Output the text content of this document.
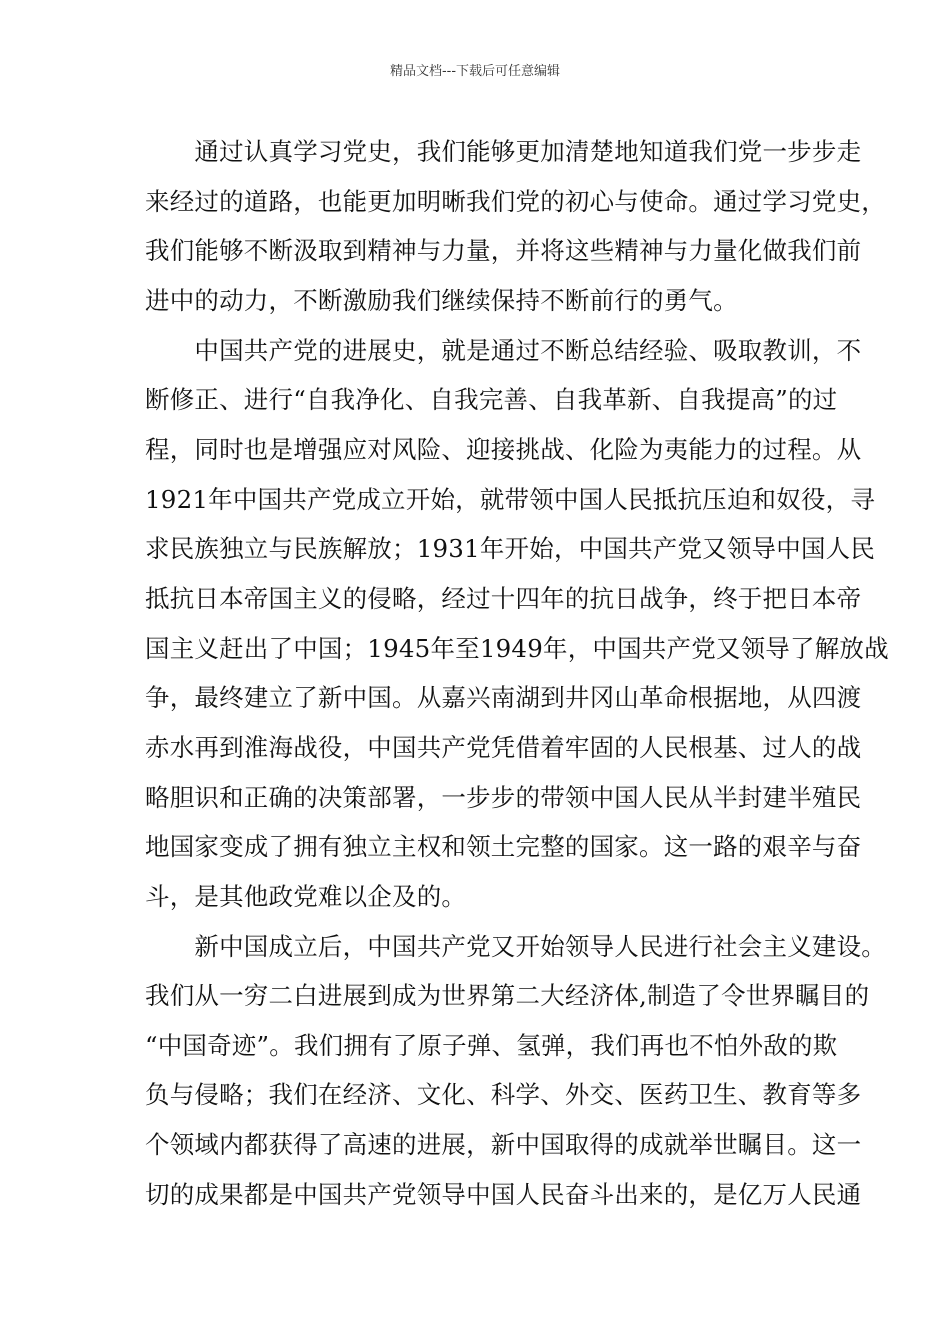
精品文档---下载后可任意编辑
　　通过认真学习党史，我们能够更加清楚地知道我们党一步步走
来经过的道路，也能更加明晰我们党的初心与使命。通过学习党史，
我们能够不断汲取到精神与力量，并将这些精神与力量化做我们前
进中的动力，不断激励我们继续保持不断前行的勇气。
　　中国共产党的进展史，就是通过不断总结经验、吸取教训，不
断修正、进行“自我净化、自我完善、自我革新、自我提高”的过
程，同时也是增强应对风险、迎接挑战、化险为夷能力的过程。从
1921年中国共产党成立开始，就带领中国人民抵抗压迫和奴役，寻
求民族独立与民族解放；1931年开始，中国共产党又领导中国人民
抵抗日本帝国主义的侵略，经过十四年的抗日战争，终于把日本帝
国主义赶出了中国；1945年至1949年，中国共产党又领导了解放战
争，最终建立了新中国。从嘉兴南湖到井冈山革命根据地，从四渡
赤水再到淮海战役，中国共产党凭借着牢固的人民根基、过人的战
略胆识和正确的决策部署，一步步的带领中国人民从半封建半殖民
地国家变成了拥有独立主权和领土完整的国家。这一路的艰辛与奋
斗，是其他政党难以企及的。
　　新中国成立后，中国共产党又开始领导人民进行社会主义建设。
我们从一穷二白进展到成为世界第二大经济体,制造了令世界瞩目的
“中国奇迹”。我们拥有了原子弹、氢弹，我们再也不怕外敌的欺
负与侵略；我们在经济、文化、科学、外交、医药卫生、教育等多
个领域内都获得了高速的进展，新中国取得的成就举世瞩目。这一
切的成果都是中国共产党领导中国人民奋斗出来的，是亿万人民通
